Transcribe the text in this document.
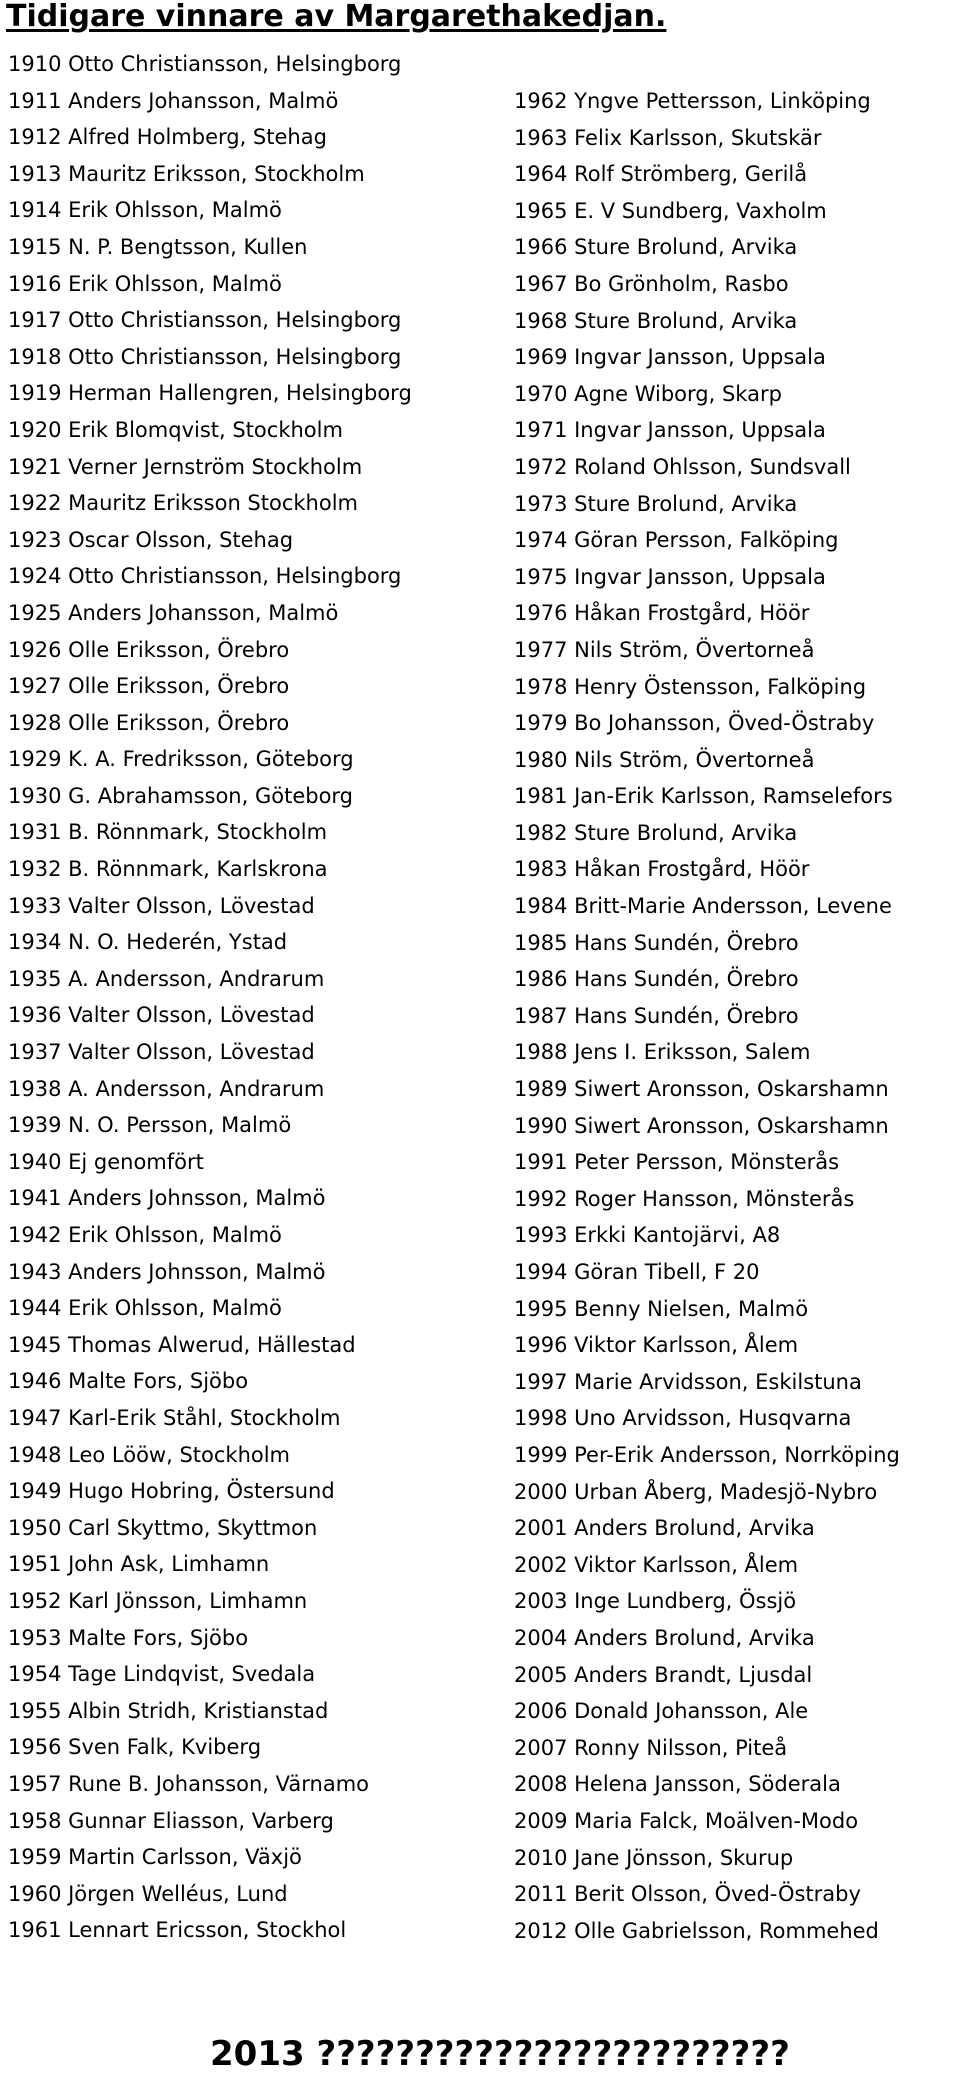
Tidigare vinnare av Margarethakedjan.
1910 Otto Christiansson, Helsingborg
1911 Anders Johansson, Malmö
1912 Alfred Holmberg, Stehag
1913 Mauritz Eriksson, Stockholm
1914 Erik Ohlsson, Malmö
1915 N. P. Bengtsson, Kullen
1916 Erik Ohlsson, Malmö
1917 Otto Christiansson, Helsingborg
1918 Otto Christiansson, Helsingborg
1919 Herman Hallengren, Helsingborg
1920 Erik Blomqvist, Stockholm
1921 Verner Jernström Stockholm
1922 Mauritz Eriksson Stockholm
1923 Oscar Olsson, Stehag
1924 Otto Christiansson, Helsingborg
1925 Anders Johansson, Malmö
1926 Olle Eriksson, Örebro
1927 Olle Eriksson, Örebro
1928 Olle Eriksson, Örebro
1929 K. A. Fredriksson, Göteborg
1930 G. Abrahamsson, Göteborg
1931 B. Rönnmark, Stockholm
1932 B. Rönnmark, Karlskrona
1933 Valter Olsson, Lövestad
1934 N. O. Hederén, Ystad
1935 A. Andersson, Andrarum
1936 Valter Olsson, Lövestad
1937 Valter Olsson, Lövestad
1938 A. Andersson, Andrarum
1939 N. O. Persson, Malmö
1940 Ej genomfört
1941 Anders Johnsson, Malmö
1942 Erik Ohlsson, Malmö
1943 Anders Johnsson, Malmö
1944 Erik Ohlsson, Malmö
1945 Thomas Alwerud, Hällestad
1946 Malte Fors, Sjöbo
1947 Karl-Erik Ståhl, Stockholm
1948 Leo Lööw, Stockholm
1949 Hugo Hobring, Östersund
1950 Carl Skyttmo, Skyttmon
1951 John Ask, Limhamn
1952 Karl Jönsson, Limhamn
1953 Malte Fors, Sjöbo
1954 Tage Lindqvist, Svedala
1955 Albin Stridh, Kristianstad
1956 Sven Falk, Kviberg
1957 Rune B. Johansson, Värnamo
1958 Gunnar Eliasson, Varberg
1959 Martin Carlsson, Växjö
1960 Jörgen Welléus, Lund
1961 Lennart Ericsson, Stockhol
1962 Yngve Pettersson, Linköping
1963 Felix Karlsson, Skutskär
1964 Rolf Strömberg, Gerilå
1965 E. V Sundberg, Vaxholm
1966 Sture Brolund, Arvika
1967 Bo Grönholm, Rasbo
1968 Sture Brolund, Arvika
1969 Ingvar Jansson, Uppsala
1970 Agne Wiborg, Skarp
1971 Ingvar Jansson, Uppsala
1972 Roland Ohlsson, Sundsvall
1973 Sture Brolund, Arvika
1974 Göran Persson, Falköping
1975 Ingvar Jansson, Uppsala
1976 Håkan Frostgård, Höör
1977 Nils Ström, Övertorneå
1978 Henry Östensson, Falköping
1979 Bo Johansson, Öved-Östraby
1980 Nils Ström, Övertorneå
1981 Jan-Erik Karlsson, Ramselefors
1982 Sture Brolund, Arvika
1983 Håkan Frostgård, Höör
1984 Britt-Marie Andersson, Levene
1985 Hans Sundén, Örebro
1986 Hans Sundén, Örebro
1987 Hans Sundén, Örebro
1988 Jens I. Eriksson, Salem
1989 Siwert Aronsson, Oskarshamn
1990 Siwert Aronsson, Oskarshamn
1991 Peter Persson, Mönsterås
1992 Roger Hansson, Mönsterås
1993 Erkki Kantojärvi, A8
1994 Göran Tibell, F 20
1995 Benny Nielsen, Malmö
1996 Viktor Karlsson, Ålem
1997 Marie Arvidsson, Eskilstuna
1998 Uno Arvidsson, Husqvarna
1999 Per-Erik Andersson, Norrköping
2000 Urban Åberg, Madesjö-Nybro
2001 Anders Brolund, Arvika
2002 Viktor Karlsson, Ålem
2003 Inge Lundberg, Össjö
2004 Anders Brolund, Arvika
2005 Anders Brandt, Ljusdal
2006 Donald Johansson, Ale
2007 Ronny Nilsson, Piteå
2008 Helena Jansson, Söderala
2009 Maria Falck, Moälven-Modo
2010 Jane Jönsson, Skurup
2011 Berit Olsson, Öved-Östraby
2012 Olle Gabrielsson, Rommehed

2013 ????????????????????????
